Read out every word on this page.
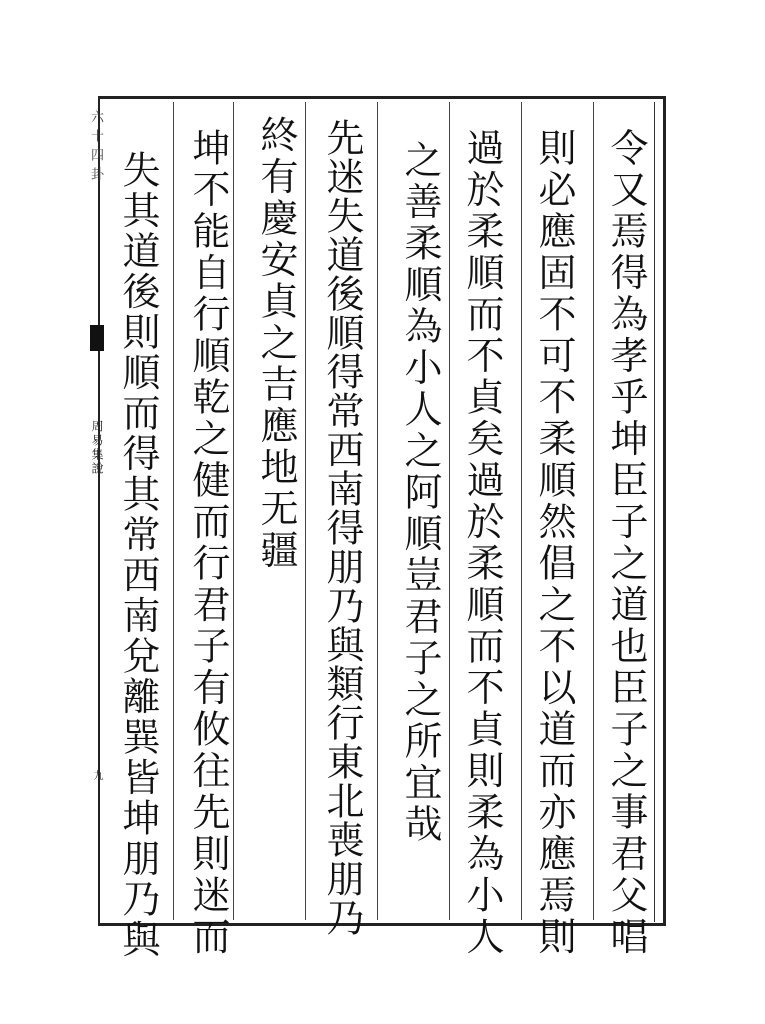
六十四卦
周易集說
九	令又焉得為孝乎坤臣子之道也臣子之事君父唱
則必應固不可不柔順然倡之不以道而亦應焉則
過於柔順而不貞矣過於柔順而不貞則柔為小人
之善柔順為小人之阿順豈君子之所宜哉
先迷失道後順得常西南得朋乃與類行東北喪朋乃
終有慶安貞之吉應地无疆
坤不能自行順乾之健而行君子有攸往先則迷而
失其道後則順而得其常西南兌離巽皆坤朋乃與
